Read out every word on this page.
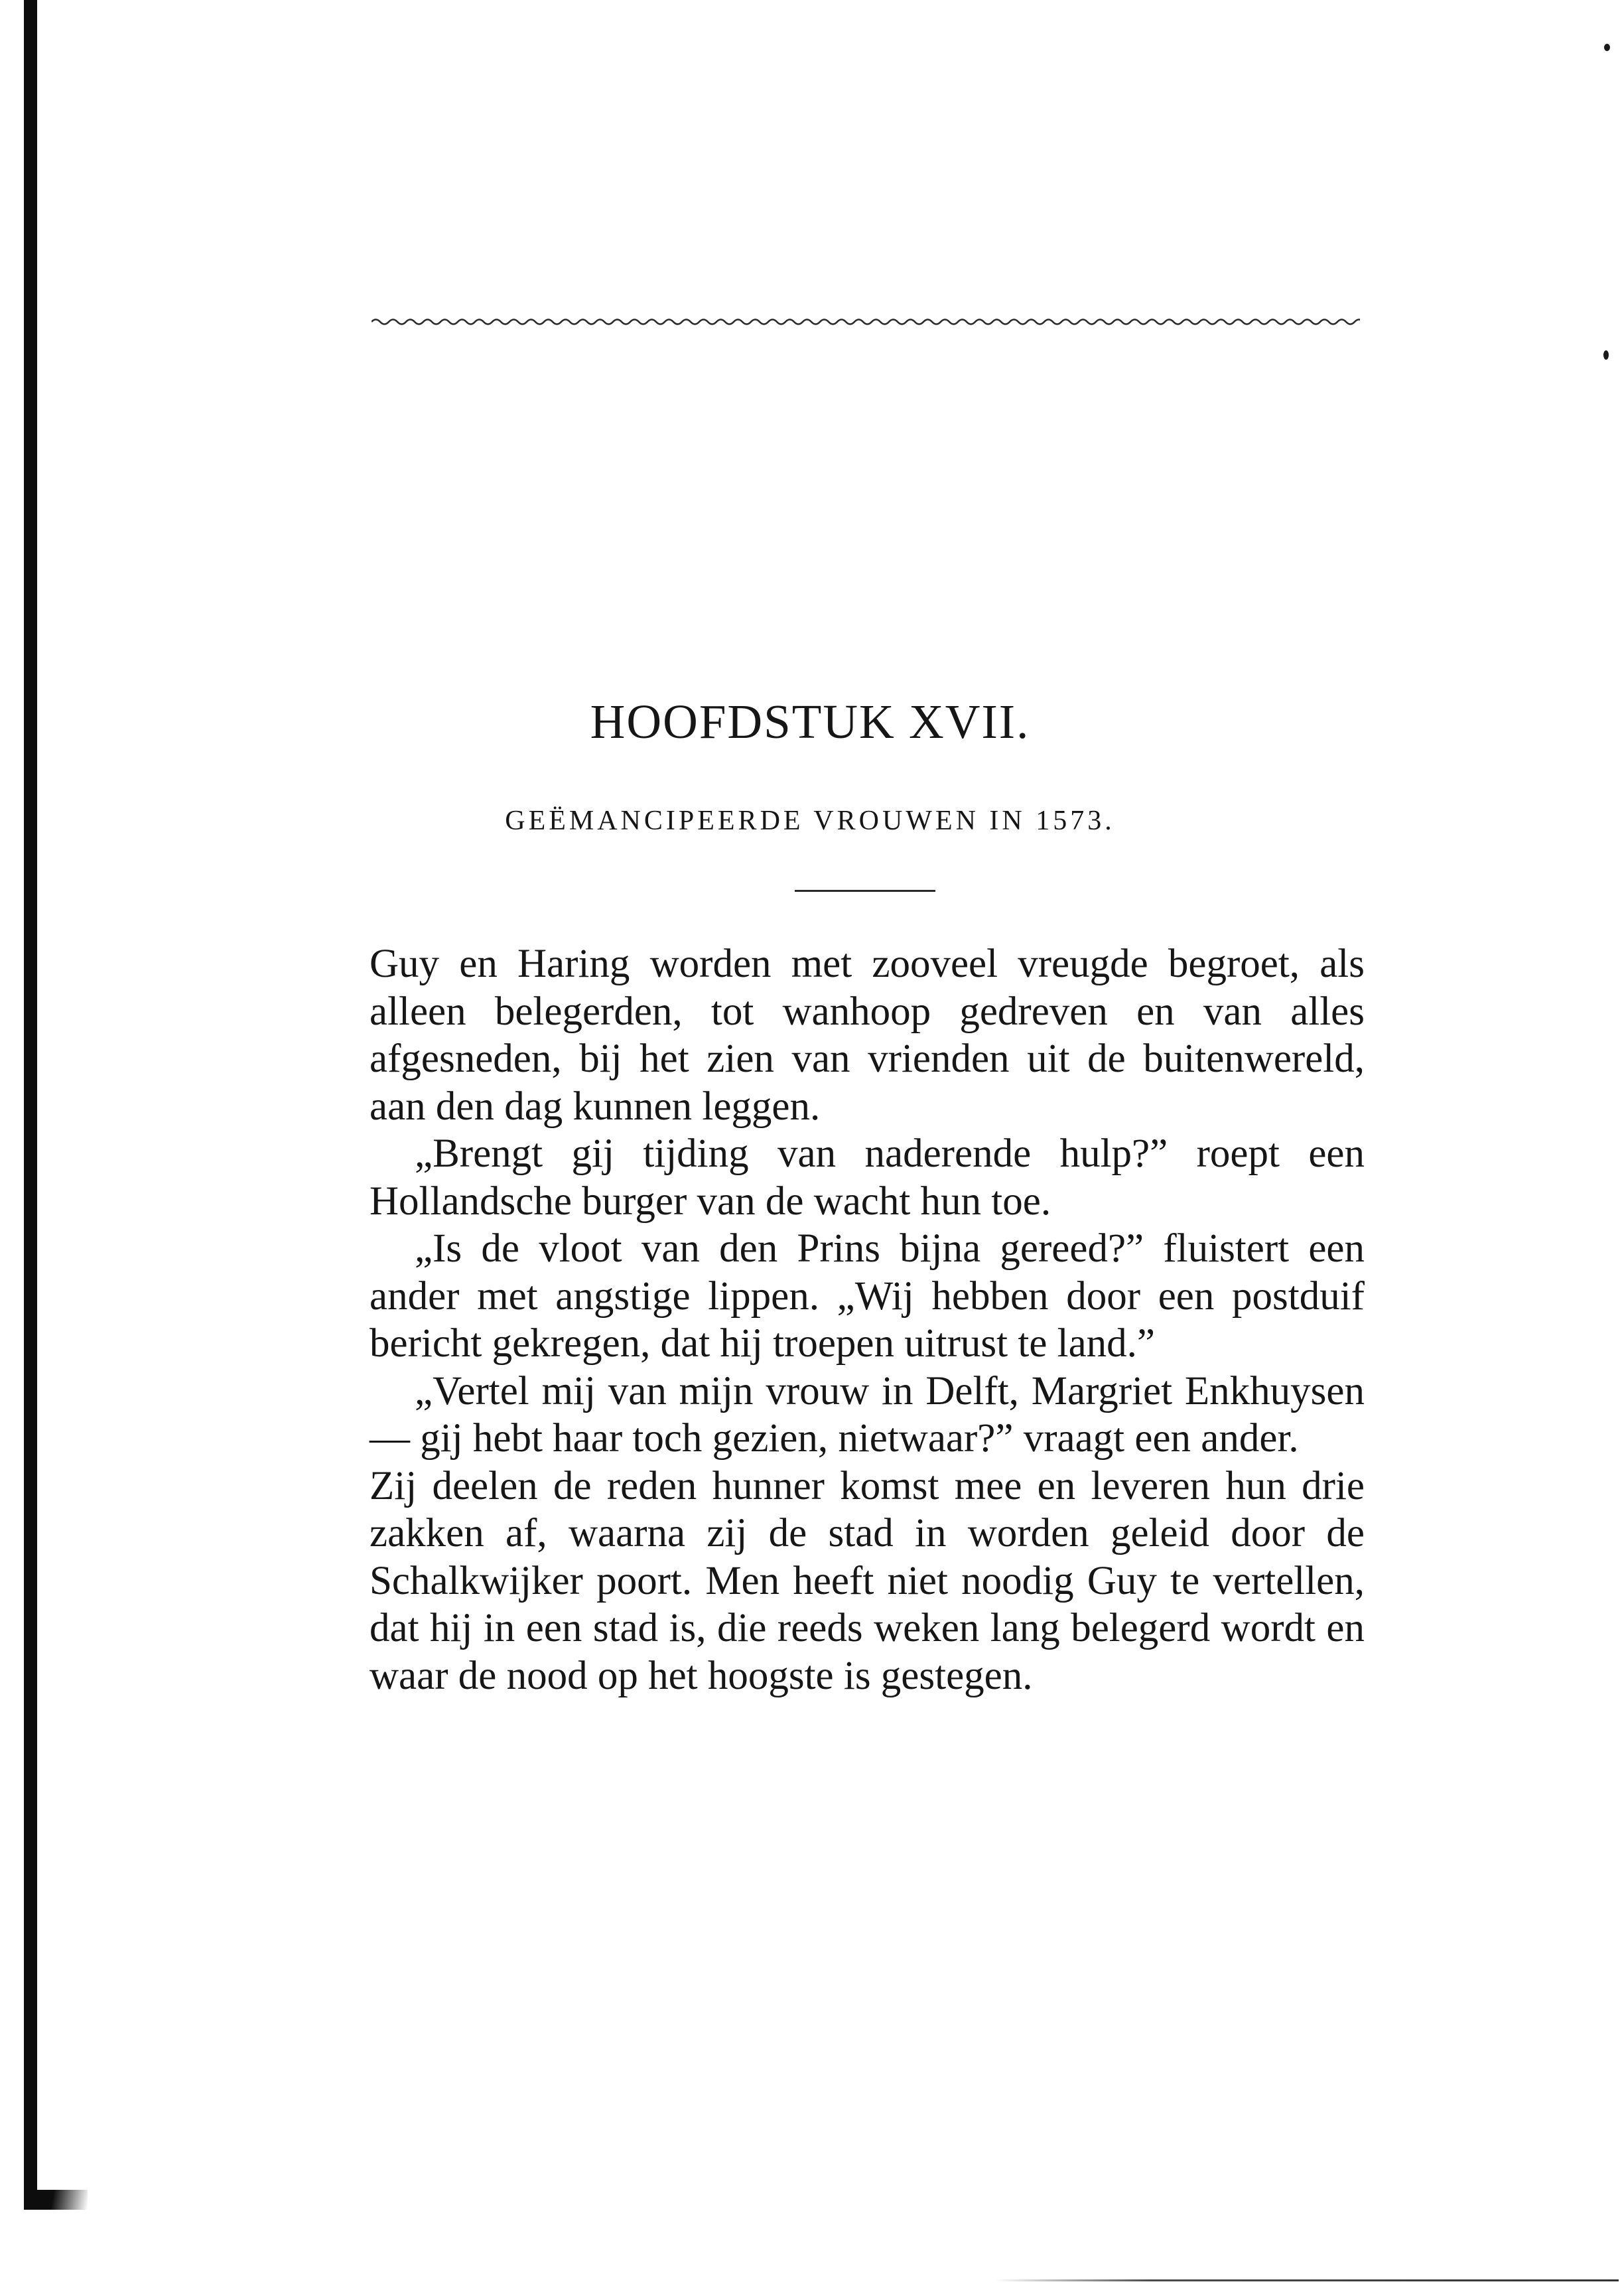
HOOFDSTUK XVII.
GEËMANCIPEERDE VROUWEN IN 1573.

Guy en Haring worden met zooveel vreugde begroet, als alleen belegerden, tot wanhoop gedreven en van alles afgesneden, bij het zien van vrienden uit de buitenwereld, aan den dag kunnen leggen.

„Brengt gij tijding van naderende hulp?” roept een Hollandsche burger van de wacht hun toe.

„Is de vloot van den Prins bijna gereed?” fluistert een ander met angstige lippen. „Wij hebben door een postduif bericht gekregen, dat hij troepen uitrust te land.”

„Vertel mij van mijn vrouw in Delft, Margriet Enkhuysen — gij hebt haar toch gezien, nietwaar?” vraagt een ander.

Zij deelen de reden hunner komst mee en leveren hun drie zakken af, waarna zij de stad in worden geleid door de Schalkwijker poort. Men heeft niet noodig Guy te vertellen, dat hij in een stad is, die reeds weken lang belegerd wordt en waar de nood op het hoogste is gestegen.
